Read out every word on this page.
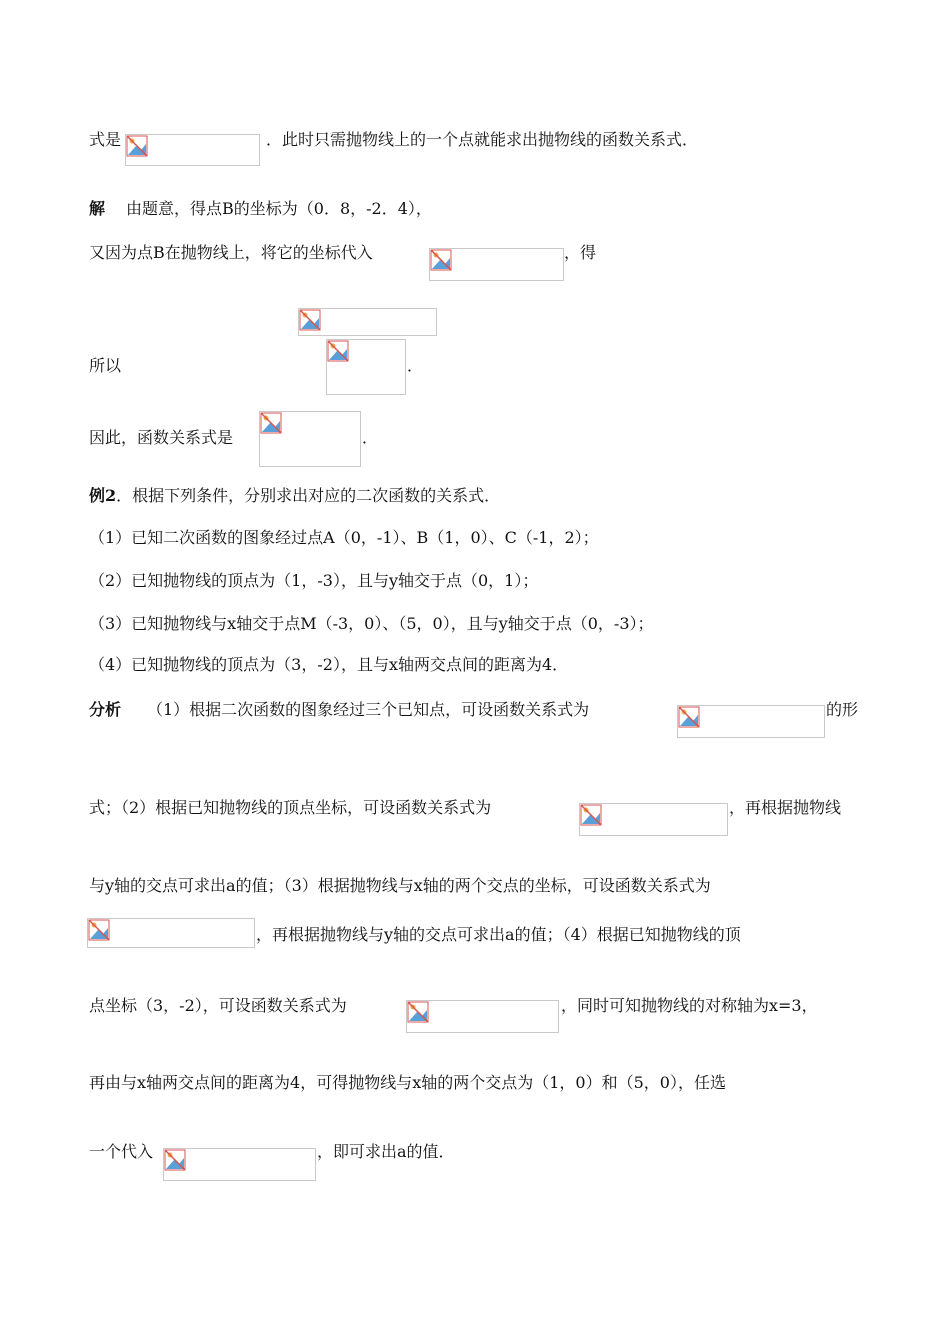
式是	．此时只需抛物线上的一个点就能求出抛物线的函数关系式．
解 由题意，得点B的坐标为（0．8，-2．4），
又因为点B在抛物线上，将它的坐标代入	，得
所以	．
因此，函数关系式是	．
例2．根据下列条件，分别求出对应的二次函数的关系式．
（1）已知二次函数的图象经过点A（0，-1）、B（1，0）、C（-1，2）；
（2）已知抛物线的顶点为（1，-3），且与y轴交于点（0，1）；
（3）已知抛物线与x轴交于点M（-3，0）、（5，0），且与y轴交于点（0，-3）；
（4）已知抛物线的顶点为（3，-2），且与x轴两交点间的距离为4．
分析 （1）根据二次函数的图象经过三个已知点，可设函数关系式为	的形
式；（2）根据已知抛物线的顶点坐标，可设函数关系式为	，再根据抛物线
与y轴的交点可求出a的值；（3）根据抛物线与x轴的两个交点的坐标，可设函数关系式为
，再根据抛物线与y轴的交点可求出a的值；（4）根据已知抛物线的顶
点坐标（3，-2），可设函数关系式为	，同时可知抛物线的对称轴为x=3，
再由与x轴两交点间的距离为4，可得抛物线与x轴的两个交点为（1，0）和（5，0），任选
一个代入	，即可求出a的值．
